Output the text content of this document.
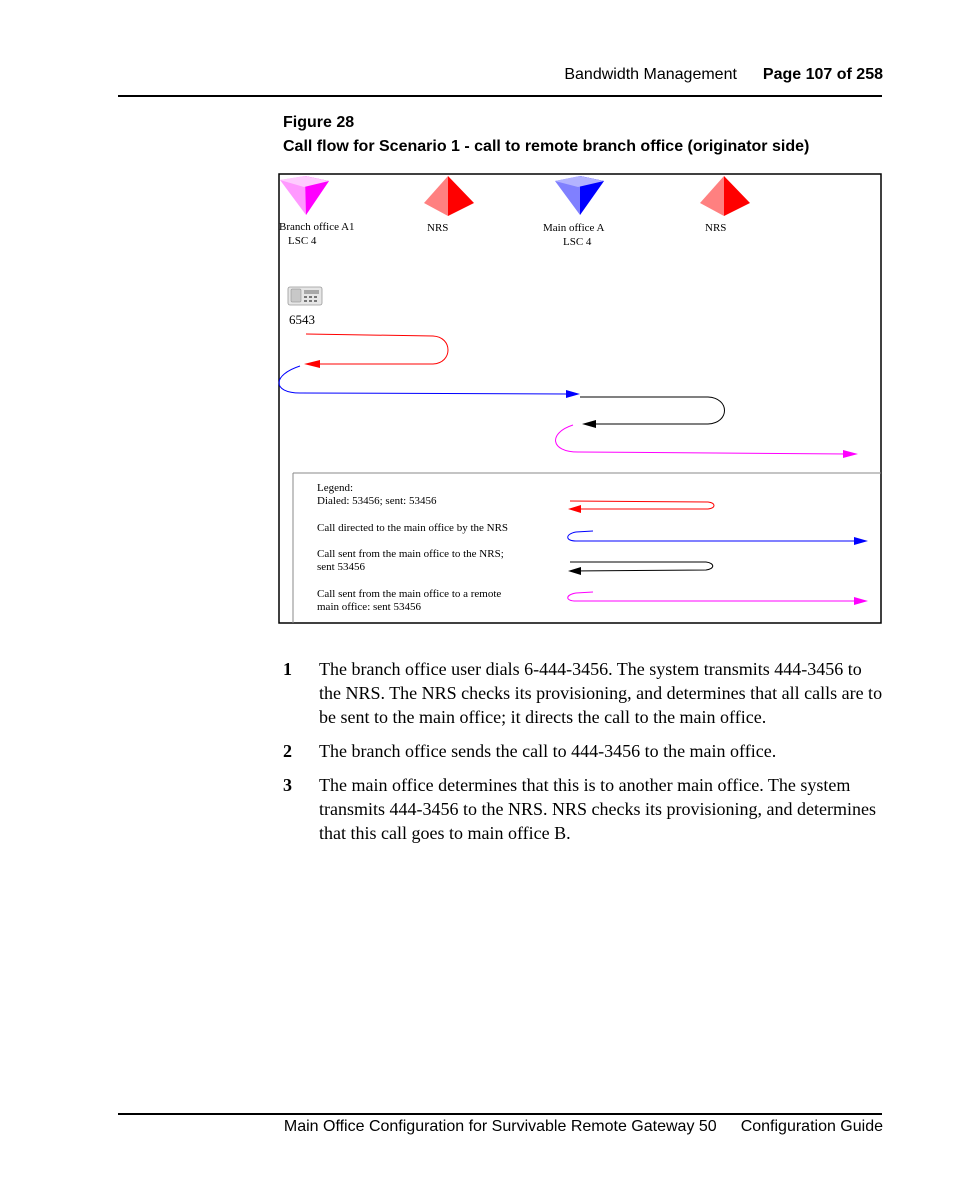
Bandwidth Management Page 107 of 258
Figure 28
Call flow for Scenario 1 - call to remote branch office (originator side)
Branch office A1
LSC 4
NRS	Main office A
LSC 4
NRS
6543
Legend:
Dialed: 53456; sent: 53456
Call directed to the main office by the NRS
Call sent from the main office to the NRS;
sent 53456
Call sent from the main office to a remote
main office: sent 53456
1	The branch office user dials 6-444-3456. The system transmits 444-3456 to the NRS. The NRS checks its provisioning, and determines that all calls are to be sent to the main office; it directs the call to the main office.
2	The branch office sends the call to 444-3456 to the main office.
3	The main office determines that this is to another main office. The system transmits 444-3456 to the NRS. NRS checks its provisioning, and determines that this call goes to main office B.
Main Office Configuration for Survivable Remote Gateway 50 Configuration Guide
